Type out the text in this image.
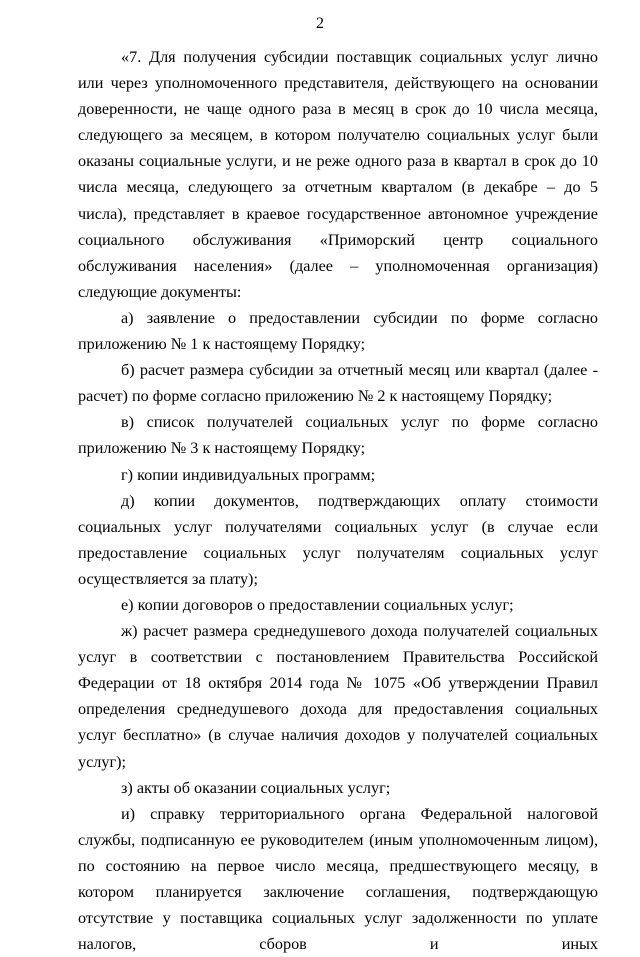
2

«7. Для получения субсидии поставщик социальных услуг лично или через уполномоченного представителя, действующего на основании доверенности, не чаще одного раза в месяц в срок до 10 числа месяца, следующего за месяцем, в котором получателю социальных услуг были оказаны социальные услуги, и не реже одного раза в квартал в срок до 10 числа месяца, следующего за отчетным кварталом (в декабре – до 5 числа), представляет в краевое государственное автономное учреждение социального обслуживания «Приморский центр социального обслуживания населения» (далее – уполномоченная организация) следующие документы:

а) заявление о предоставлении субсидии по форме согласно приложению № 1 к настоящему Порядку;

б) расчет размера субсидии за отчетный месяц или квартал (далее - расчет) по форме согласно приложению № 2 к настоящему Порядку;

в) список получателей социальных услуг по форме согласно приложению № 3 к настоящему Порядку;

г) копии индивидуальных программ;

д) копии документов, подтверждающих оплату стоимости социальных услуг получателями социальных услуг (в случае если предоставление социальных услуг получателям социальных услуг осуществляется за плату);

е) копии договоров о предоставлении социальных услуг;

ж) расчет размера среднедушевого дохода получателей социальных услуг в соответствии с постановлением Правительства Российской Федерации от 18 октября 2014 года № 1075 «Об утверждении Правил определения среднедушевого дохода для предоставления социальных услуг бесплатно» (в случае наличия доходов у получателей социальных услуг);

з) акты об оказании социальных услуг;

и) справку территориального органа Федеральной налоговой службы, подписанную ее руководителем (иным уполномоченным лицом), по состоянию на первое число месяца, предшествующего месяцу, в котором планируется заключение соглашения, подтверждающую отсутствие у поставщика социальных услуг задолженности по уплате налогов, сборов и иных
